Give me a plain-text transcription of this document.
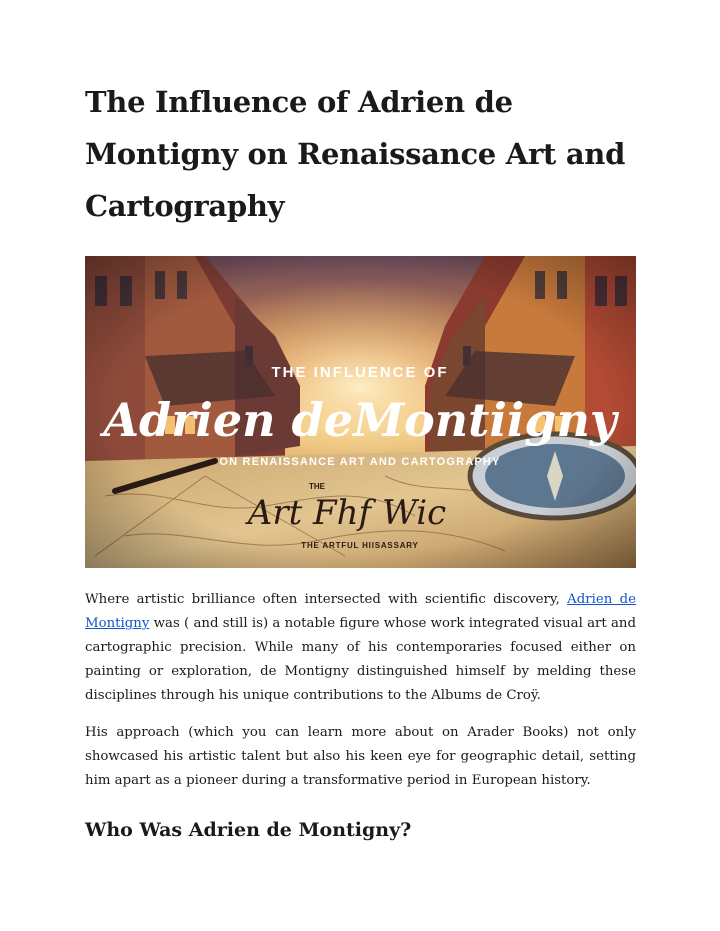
The Influence of Adrien de Montigny on Renaissance Art and Cartography
THE INFLUENCE OF
Adrien deMontiigny
ON RENAISSANCE ART AND CARTOGRAPHY
THE
Art Fhf Wic
THE ARTFUL HIISASSARY

Where artistic brilliance often intersected with scientific discovery, Adrien de Montigny was ( and still is) a notable figure whose work integrated visual art and cartographic precision. While many of his contemporaries focused either on painting or exploration, de Montigny distinguished himself by melding these disciplines through his unique contributions to the Albums de Croÿ.

His approach (which you can learn more about on Arader Books) not only showcased his artistic talent but also his keen eye for geographic detail, setting him apart as a pioneer during a transformative period in European history.

Who Was Adrien de Montigny?
